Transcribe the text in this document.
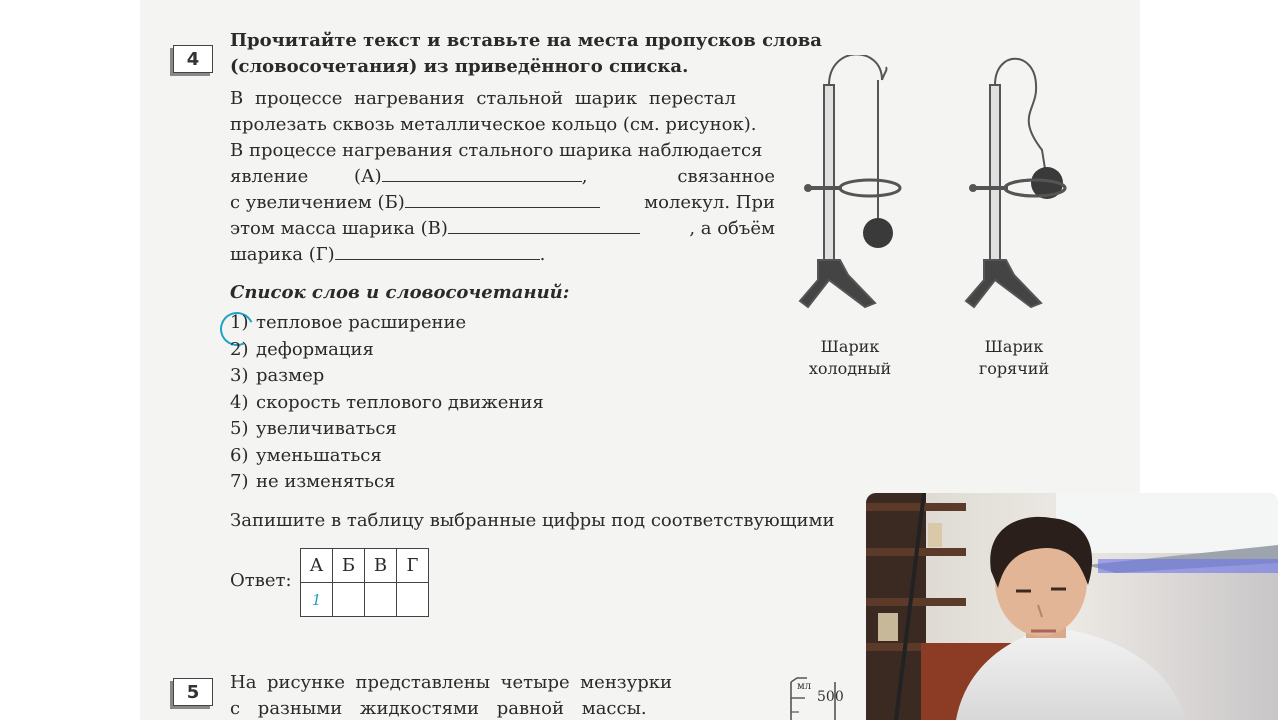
4
Прочитайте текст и вставьте на места пропусков слова
(словосочетания) из приведённого списка.
В процессе нагревания стальной шарик перестал
пролезать сквозь металлическое кольцо (см. рисунок).
В процессе нагревания стального шарика наблюдается
явление	(А)	,	связанное
с увеличением (Б)	молекул. При
этом масса шарика (В)	, а объём
шарика (Г)	.
Шарик
холодный
Шарик
горячий
Список слов и словосочетаний:
1) тепловое расширение
2) деформация
3) размер
4) скорость теплового движения
5) увеличиваться
6) уменьшаться
7) не изменяться
Запишите в таблицу выбранные цифры под соответствующими
Ответ:
А	Б	В	Г
1			
5 На рисунке представлены четыре мензурки
с разными жидкостями равной массы.
мл
500
